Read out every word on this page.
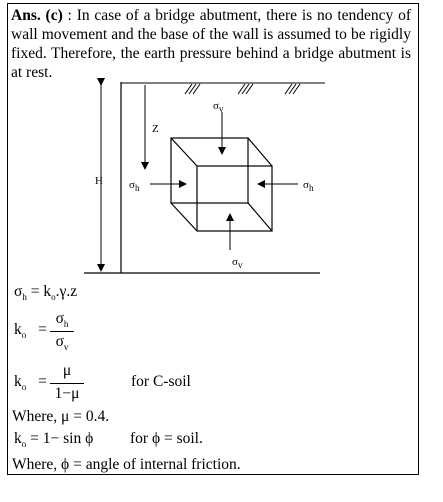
Ans. (c) : In case of a bridge abutment, there is no tendency of wall movement and the base of the wall is assumed to be rigidly fixed. Therefore, the earth pressure behind a bridge abutment is at rest.
Z
H
$\sigma_v$
$\sigma_v$
$\sigma_h$	$\sigma_h$
$\sigma_h = k_o.\gamma.z$
$k_o$ =
$\sigma_h$
$\sigma_v$
$k_o$ =
μ
1−μ
for C-soil
Where, μ = 0.4.
$k_o = 1- \sin \phi$ for ϕ = soil.
Where, ϕ = angle of internal friction.
